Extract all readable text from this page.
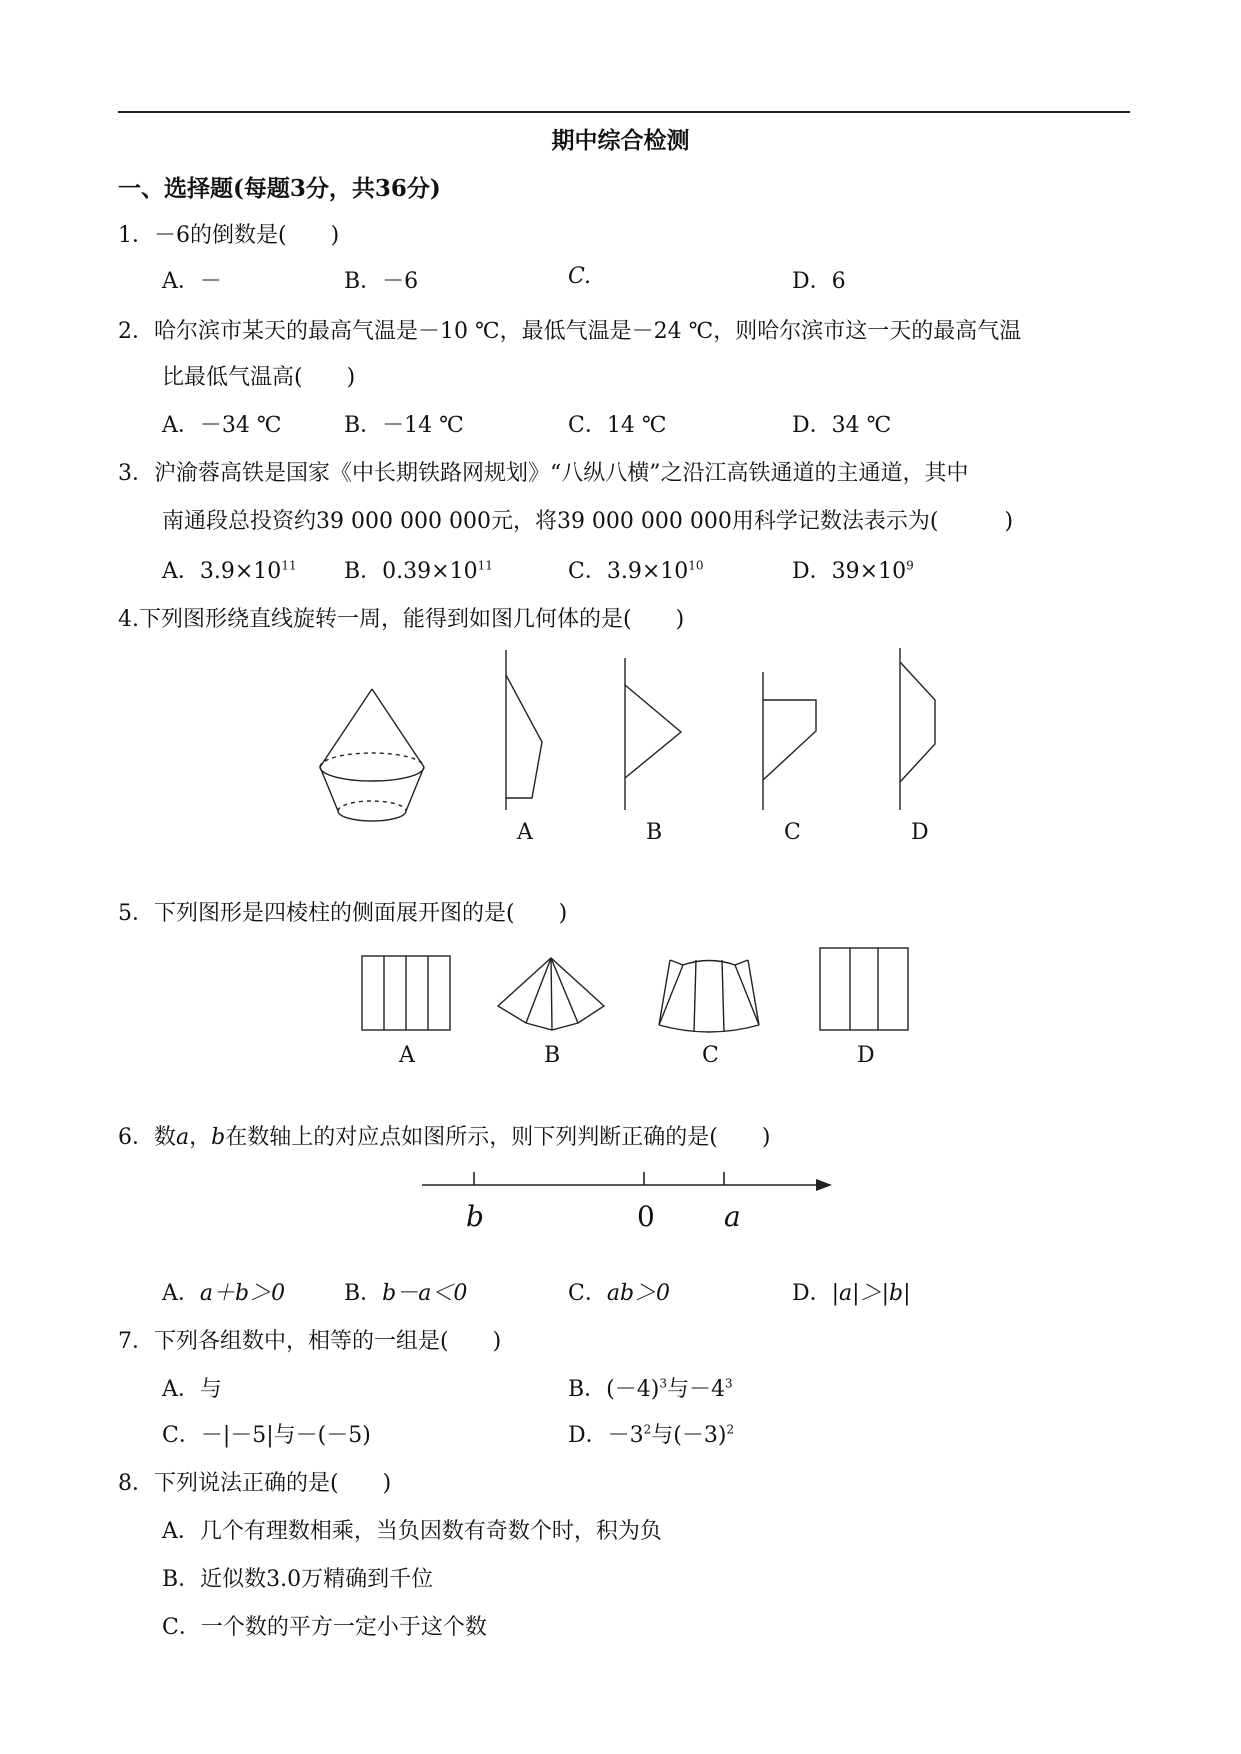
期中综合检测
一、选择题(每题3分，共36分)
1．－6的倒数是(　　)
A．－	B．－6	C.	D．6
2．哈尔滨市某天的最高气温是－10 ℃，最低气温是－24 ℃，则哈尔滨市这一天的最高气温
比最低气温高(　　)
A．－34 ℃	B．－14 ℃	C．14 ℃	D．34 ℃
3．沪渝蓉高铁是国家《中长期铁路网规划》“八纵八横”之沿江高铁通道的主通道，其中
南通段总投资约39 000 000 000元，将39 000 000 000用科学记数法表示为(　　　)
A．$3.9\times 10^{11}$ B．$0.39\times 10^{11}$	C．$3.9\times 10^{10}$	D．$39\times 10^9$
4.下列图形绕直线旋转一周，能得到如图几何体的是(　　)
A	B	C	D
5．下列图形是四棱柱的侧面展开图的是(　　)
A	B	C	D
6．数a，b在数轴上的对应点如图所示，则下列判断正确的是(　　)
b	0 a
A．a＋b＞0	B．b－a＜0	C．ab＞0	D．|a|＞|b|
7．下列各组数中，相等的一组是(　　)
A．与	B．$(-4)^3$与$-4^3$
C．－|－5|与－(－5)	D．$-3^2$与$(-3)^2$
8．下列说法正确的是(　　)
A．几个有理数相乘，当负因数有奇数个时，积为负
B．近似数3.0万精确到千位
C．一个数的平方一定小于这个数
